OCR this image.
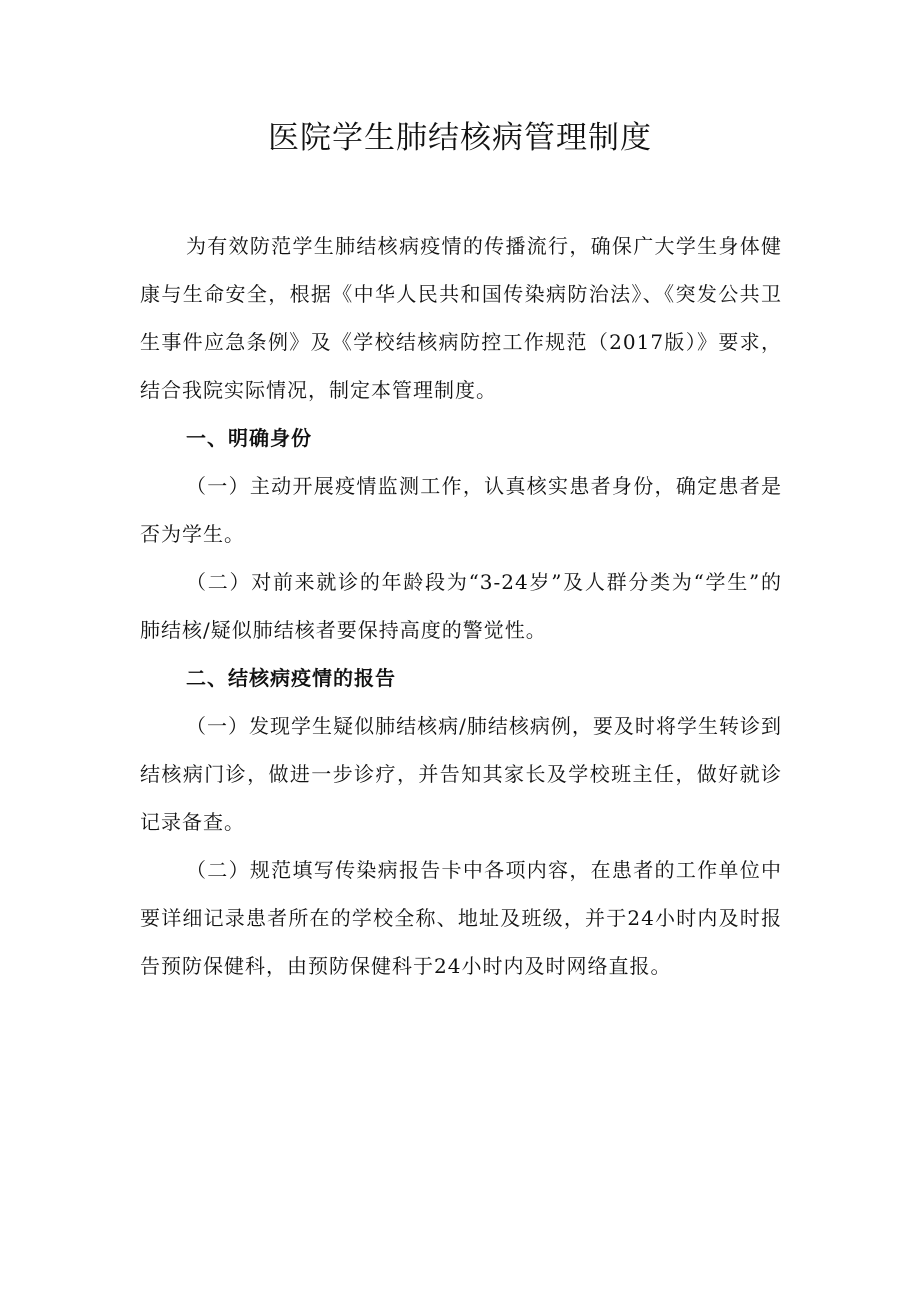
医院学生肺结核病管理制度

为有效防范学生肺结核病疫情的传播流行，确保广大学生身体健康与生命安全，根据《中华人民共和国传染病防治法》、《突发公共卫生事件应急条例》及《学校结核病防控工作规范（2017版）》要求，结合我院实际情况，制定本管理制度。

一、明确身份

（一）主动开展疫情监测工作，认真核实患者身份，确定患者是否为学生。

（二）对前来就诊的年龄段为“3-24岁”及人群分类为“学生”的肺结核/疑似肺结核者要保持高度的警觉性。

二、结核病疫情的报告

（一）发现学生疑似肺结核病/肺结核病例，要及时将学生转诊到结核病门诊，做进一步诊疗，并告知其家长及学校班主任，做好就诊记录备查。

（二）规范填写传染病报告卡中各项内容，在患者的工作单位中要详细记录患者所在的学校全称、地址及班级，并于24小时内及时报告预防保健科，由预防保健科于24小时内及时网络直报。
